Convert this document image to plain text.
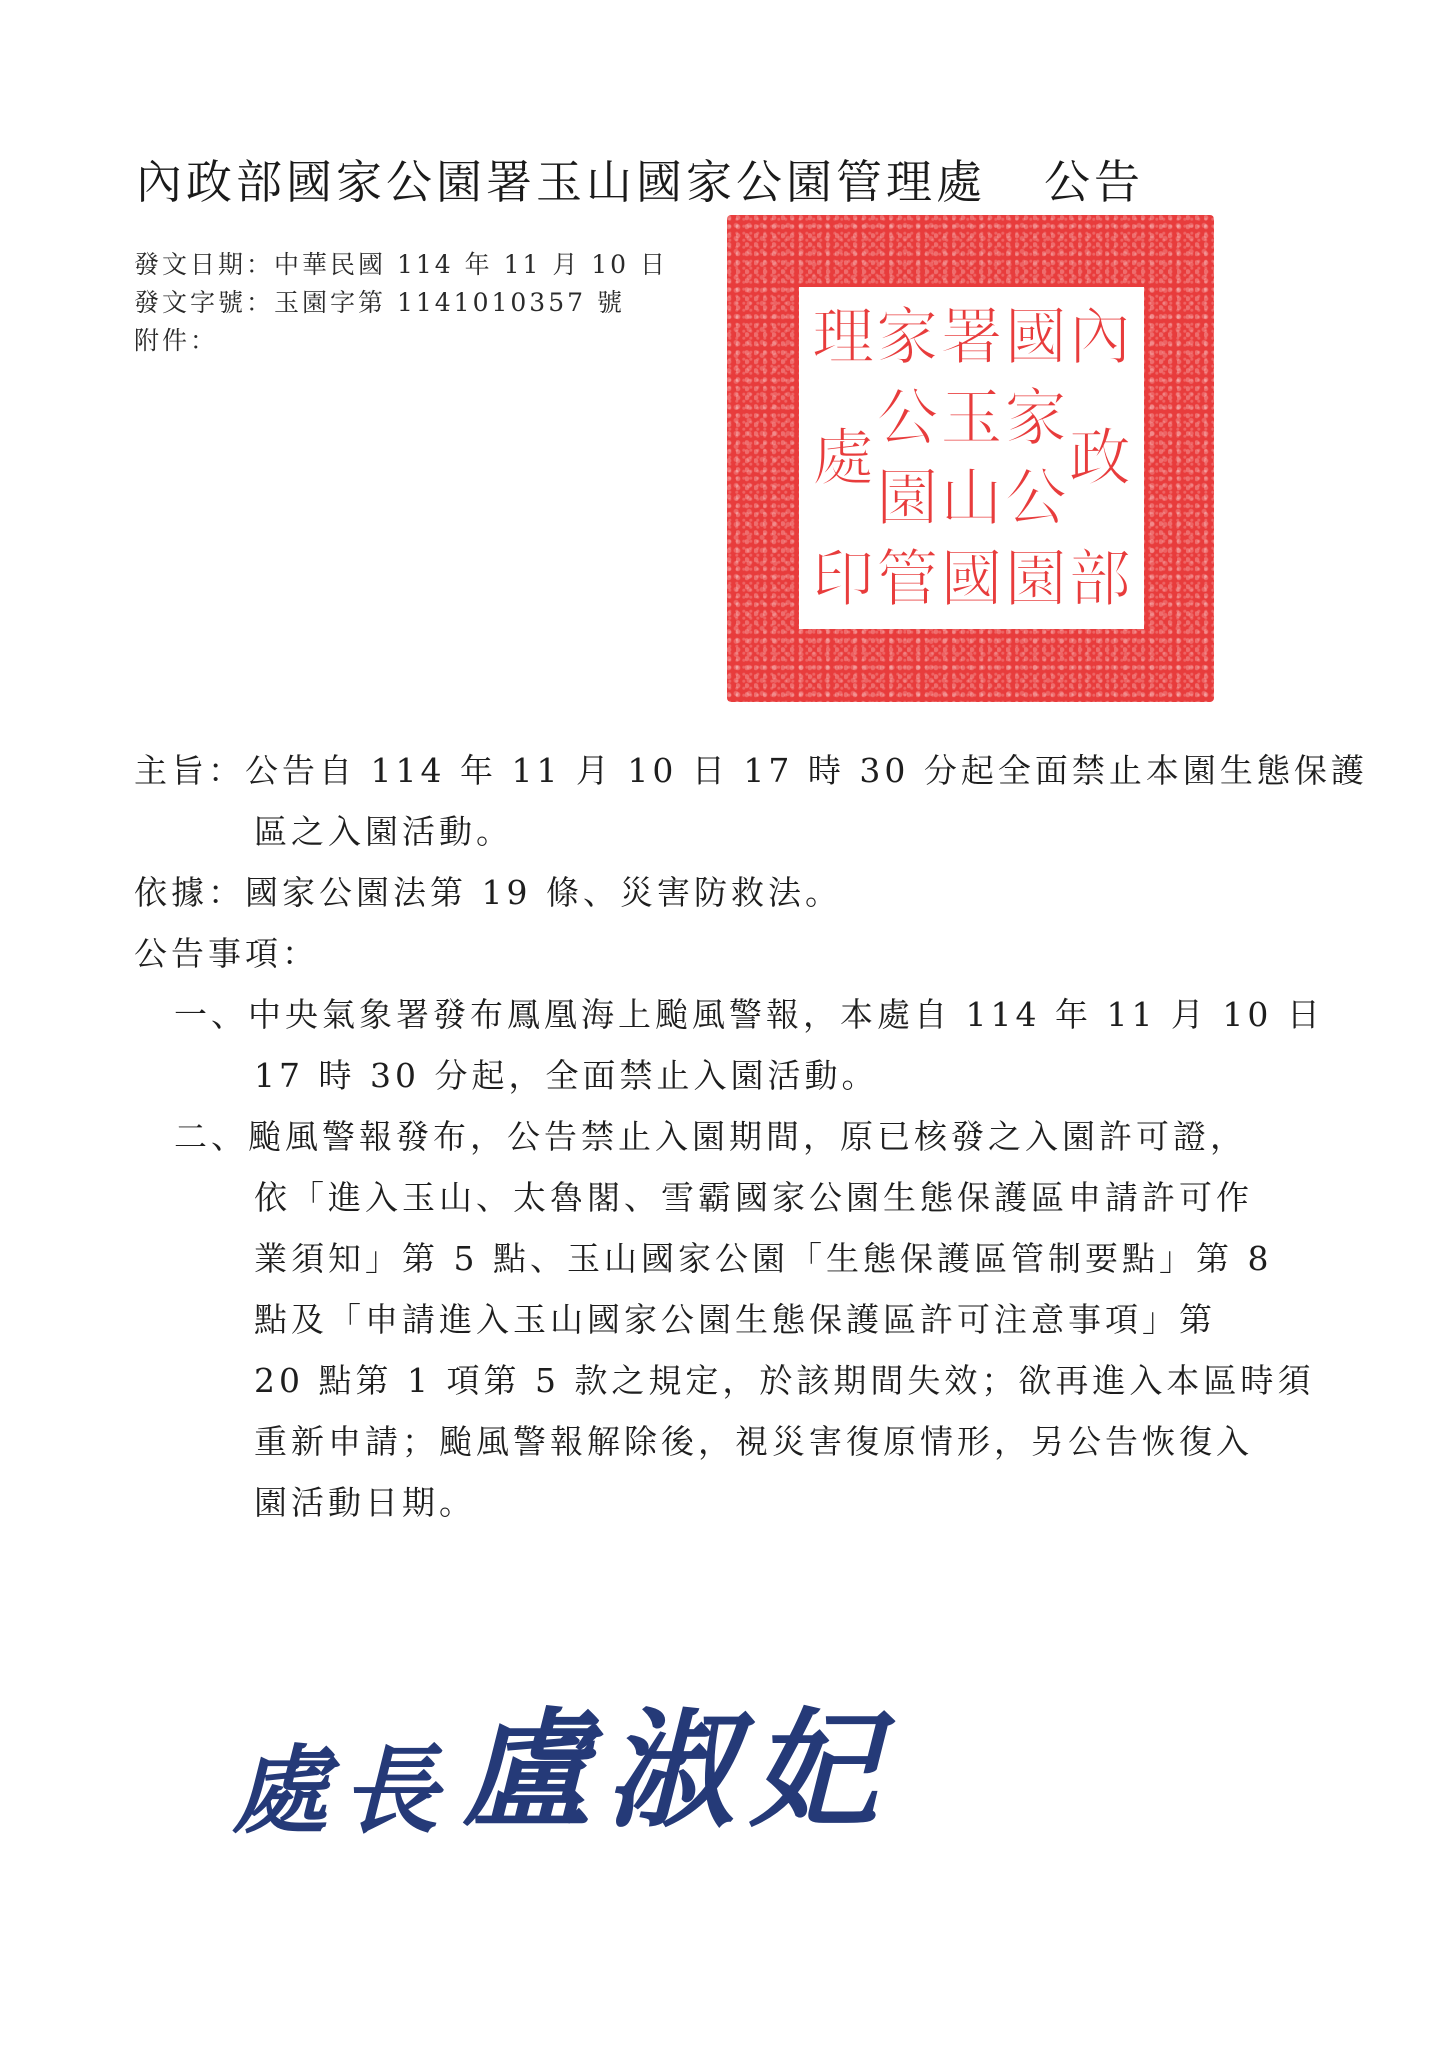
內政部國家公園署玉山國家公園管理處 公告
發文日期：中華民國 114 年 11 月 10 日
發文字號：玉園字第 1141010357 號
附件：	內
政
部
國
家
公
園
署
玉
山
國
家
公
園
管
理
處
印
主旨：公告自 114 年 11 月 10 日 17 時 30 分起全面禁止本園生態保護
區之入園活動。
依據：國家公園法第 19 條、災害防救法。
公告事項：
一、中央氣象署發布鳳凰海上颱風警報，本處自 114 年 11 月 10 日
17 時 30 分起，全面禁止入園活動。
二、颱風警報發布，公告禁止入園期間，原已核發之入園許可證，
依「進入玉山、太魯閣、雪霸國家公園生態保護區申請許可作
業須知」第 5 點、玉山國家公園「生態保護區管制要點」第 8
點及「申請進入玉山國家公園生態保護區許可注意事項」第
20 點第 1 項第 5 款之規定，於該期間失效；欲再進入本區時須
重新申請；颱風警報解除後，視災害復原情形，另公告恢復入
園活動日期。
處長盧淑妃
